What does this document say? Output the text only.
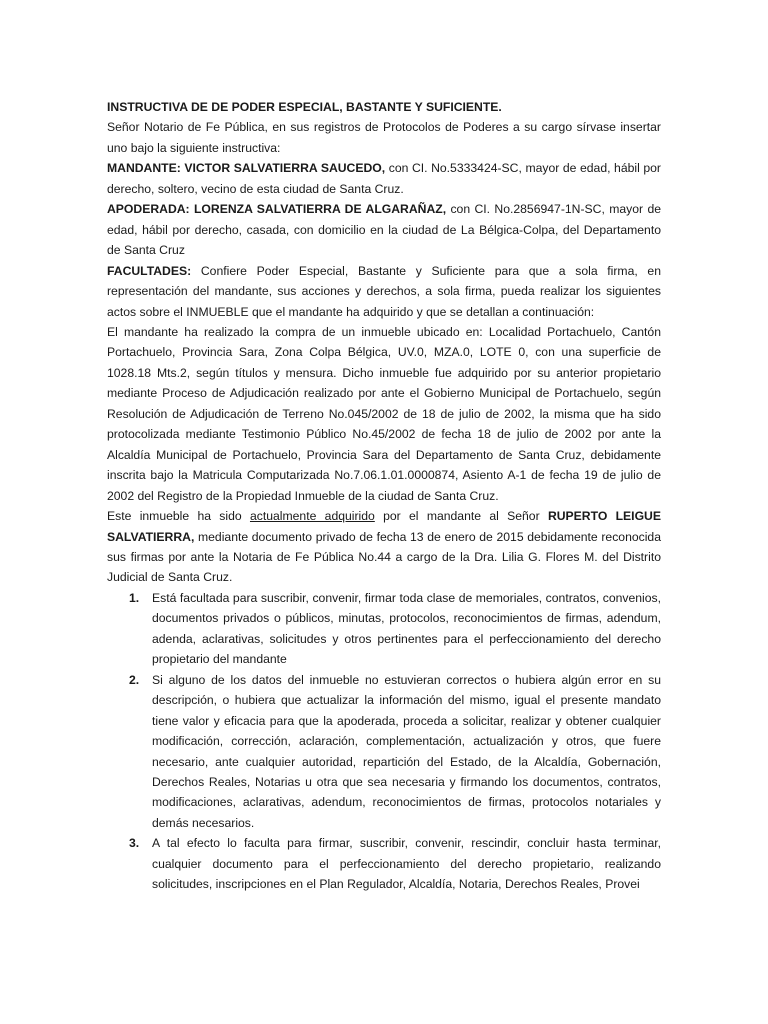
INSTRUCTIVA DE DE PODER ESPECIAL, BASTANTE Y SUFICIENTE.

Señor Notario de Fe Pública, en sus registros de Protocolos de Poderes a su cargo sírvase insertar uno bajo la siguiente instructiva:

MANDANTE: VICTOR SALVATIERRA SAUCEDO, con CI. No.5333424-SC, mayor de edad, hábil por derecho, soltero, vecino de esta ciudad de Santa Cruz.

APODERADA: LORENZA SALVATIERRA DE ALGARAÑAZ, con CI. No.2856947-1N-SC, mayor de edad, hábil por derecho, casada, con domicilio en la ciudad de La Bélgica-Colpa, del Departamento de Santa Cruz

FACULTADES: Confiere Poder Especial, Bastante y Suficiente para que a sola firma, en representación del mandante, sus acciones y derechos, a sola firma, pueda realizar los siguientes actos sobre el INMUEBLE que el mandante ha adquirido y que se detallan a continuación:

El mandante ha realizado la compra de un inmueble ubicado en: Localidad Portachuelo, Cantón Portachuelo, Provincia Sara, Zona Colpa Bélgica, UV.0, MZA.0, LOTE 0, con una superficie de 1028.18 Mts.2, según títulos y mensura. Dicho inmueble fue adquirido por su anterior propietario mediante Proceso de Adjudicación realizado por ante el Gobierno Municipal de Portachuelo, según Resolución de Adjudicación de Terreno No.045/2002 de 18 de julio de 2002, la misma que ha sido protocolizada mediante Testimonio Público No.45/2002 de fecha 18 de julio de 2002 por ante la Alcaldía Municipal de Portachuelo, Provincia Sara del Departamento de Santa Cruz, debidamente inscrita bajo la Matricula Computarizada No.7.06.1.01.0000874, Asiento A-1 de fecha 19 de julio de 2002 del Registro de la Propiedad Inmueble de la ciudad de Santa Cruz.

Este inmueble ha sido actualmente adquirido por el mandante al Señor RUPERTO LEIGUE SALVATIERRA, mediante documento privado de fecha 13 de enero de 2015 debidamente reconocida sus firmas por ante la Notaria de Fe Pública No.44 a cargo de la Dra. Lilia G. Flores M. del Distrito Judicial de Santa Cruz.

1. Está facultada para suscribir, convenir, firmar toda clase de memoriales, contratos, convenios, documentos privados o públicos, minutas, protocolos, reconocimientos de firmas, adendum, adenda, aclarativas, solicitudes y otros pertinentes para el perfeccionamiento del derecho propietario del mandante
2. Si alguno de los datos del inmueble no estuvieran correctos o hubiera algún error en su descripción, o hubiera que actualizar la información del mismo, igual el presente mandato tiene valor y eficacia para que la apoderada, proceda a solicitar, realizar y obtener cualquier modificación, corrección, aclaración, complementación, actualización y otros, que fuere necesario, ante cualquier autoridad, repartición del Estado, de la Alcaldía, Gobernación, Derechos Reales, Notarias u otra que sea necesaria y firmando los documentos, contratos, modificaciones, aclarativas, adendum, reconocimientos de firmas, protocolos notariales y demás necesarios.
3. A tal efecto lo faculta para firmar, suscribir, convenir, rescindir, concluir hasta terminar, cualquier documento para el perfeccionamiento del derecho propietario, realizando solicitudes, inscripciones en el Plan Regulador, Alcaldía, Notaria, Derechos Reales, Provei
